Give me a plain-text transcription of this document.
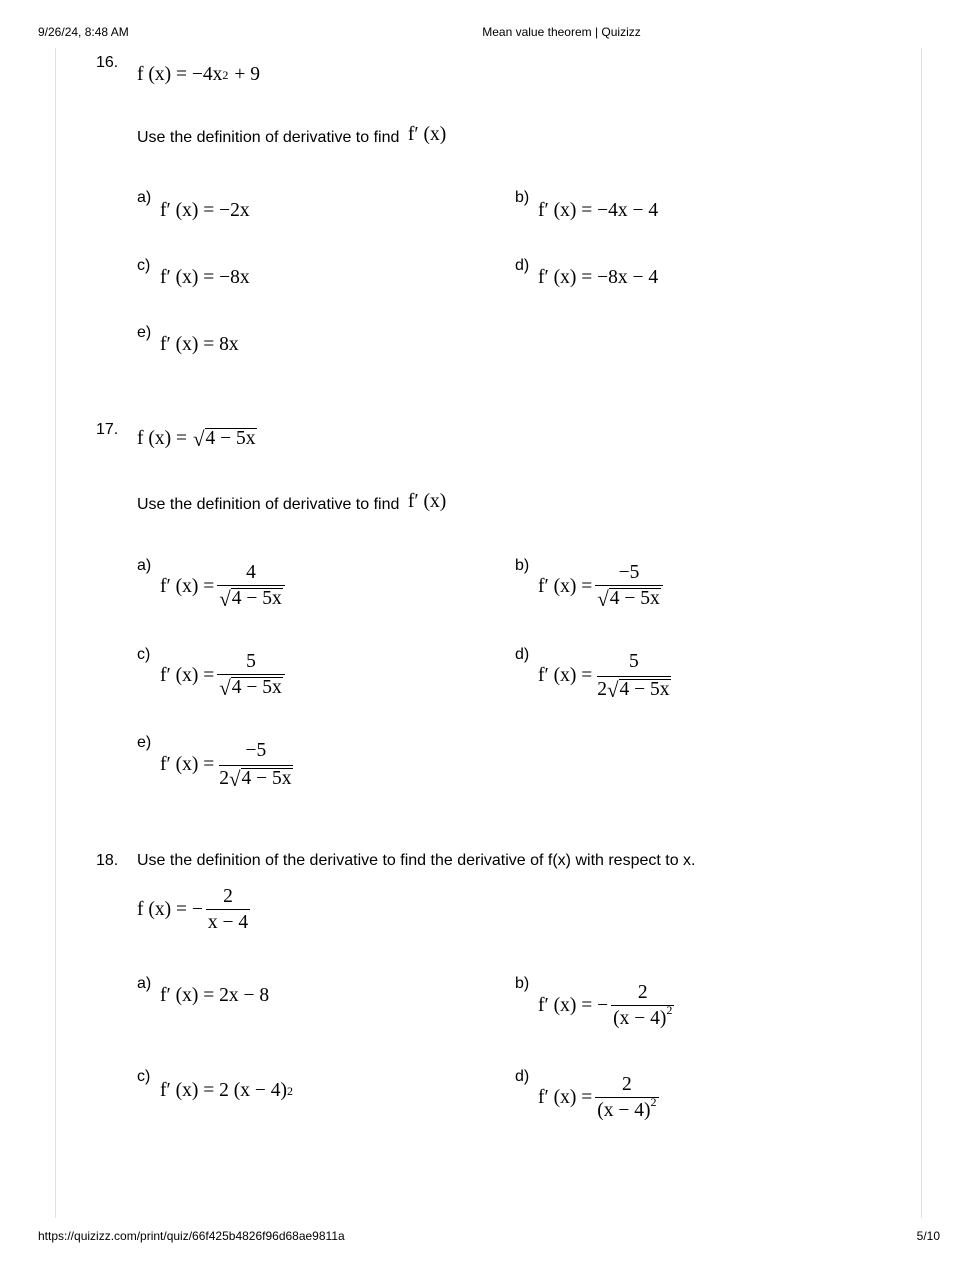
9/26/24, 8:48 AM	Mean value theorem | Quizizz
https://quizizz.com/print/quiz/66f425b4826f96d68ae9811a	5/10
16.
f (x) = −4x 2 + 9
Use the definition of derivative to find f′ (x)
a)
f′ (x) = −2x
b)
f′ (x) = −4x − 4
c)
f′ (x) = −8x
d)
f′ (x) = −8x − 4
e)
f′ (x) = 8x
17. f (x) = √ 4 − 5x
Use the definition of derivative to find f′ (x)
a)
f′ $(x) = \frac{4}{√ 4 - 5x}$	b)
f′ $(x) = \frac{-5}{√ 4 - 5x}$
c)
f′ $(x) = \frac{5}{√ 4 - 5x}$	d)
f′ (x) =
5
2 √ 4 − 5x
e)
f′ (x) =
−5
2 √ 4 − 5x
18. Use the definition of the derivative to find the derivative of f(x) with respect to x.
f (x) = − $\frac{2}{x - 4}$
a)
f′ (x) = 2x − 8
b)
f′ (x) = − $\frac{2}{(x - 4)^2}$
c)
f′ (x) = 2 (x − 4) 2
d)
f′ $(x) = \frac{2}{(x - 4)^2}$
